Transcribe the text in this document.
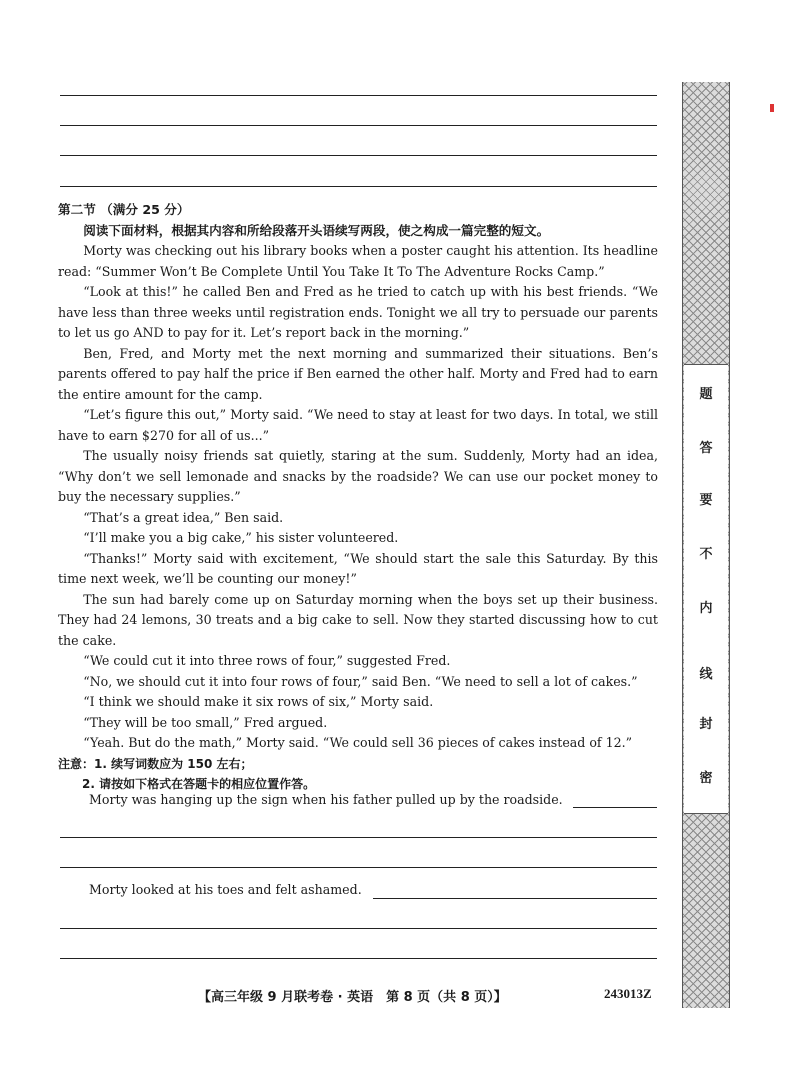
第二节 （满分 25 分）

阅读下面材料，根据其内容和所给段落开头语续写两段，使之构成一篇完整的短文。

Morty was checking out his library books when a poster caught his attention. Its headline

read: “Summer Won’t Be Complete Until You Take It To The Adventure Rocks Camp.”

“Look at this!” he called Ben and Fred as he tried to catch up with his best friends. “We have less than three weeks until registration ends. Tonight we all try to persuade our parents to let us go AND to pay for it. Let’s report back in the morning.”

Ben, Fred, and Morty met the next morning and summarized their situations. Ben’s parents offered to pay half the price if Ben earned the other half. Morty and Fred had to earn the entire amount for the camp.

“Let’s figure this out,” Morty said. “We need to stay at least for two days. In total, we still have to earn $270 for all of us...”

The usually noisy friends sat quietly, staring at the sum. Suddenly, Morty had an idea, “Why don’t we sell lemonade and snacks by the roadside? We can use our pocket money to buy the necessary supplies.”

“That’s a great idea,” Ben said.

“I’ll make you a big cake,” his sister volunteered.

“Thanks!” Morty said with excitement, “We should start the sale this Saturday. By this time next week, we’ll be counting our money!”

The sun had barely come up on Saturday morning when the boys set up their business. They had 24 lemons, 30 treats and a big cake to sell. Now they started discussing how to cut the cake.

“We could cut it into three rows of four,” suggested Fred.

“No, we should cut it into four rows of four,” said Ben. “We need to sell a lot of cakes.”

“I think we should make it six rows of six,” Morty said.

“They will be too small,” Fred argued.

“Yeah. But do the math,” Morty said. “We could sell 36 pieces of cakes instead of 12.”

注意：1. 续写词数应为 150 左右；

2. 请按如下格式在答题卡的相应位置作答。

Morty was hanging up the sign when his father pulled up by the roadside.
Morty looked at his toes and felt ashamed.
【高三年级 9 月联考卷 · 英语　第 8 页（共 8 页）】	243013Z
题
答
要
不
内
线
封
密
